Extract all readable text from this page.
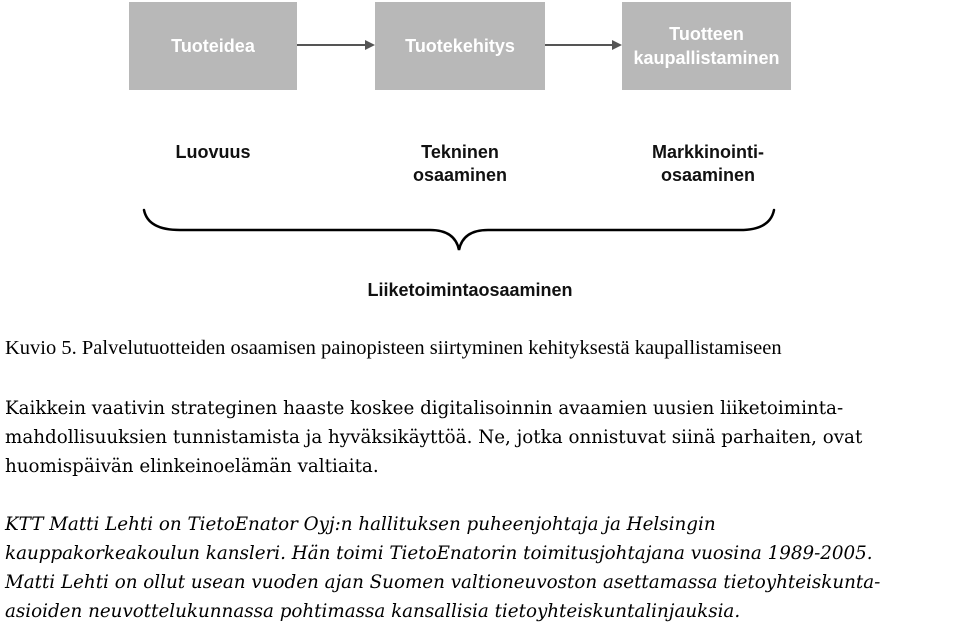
Tuoteidea	Tuotekehitys
Tuotteen
kaupallistaminen
Luovuus	Tekninen
osaaminen
Markkinointi-
osaaminen
Liiketoimintaosaaminen

Kuvio 5. Palvelutuotteiden osaamisen painopisteen siirtyminen kehityksestä kaupallistamiseen

Kaikkein vaativin strateginen haaste koskee digitalisoinnin avaamien uusien liiketoiminta-
mahdollisuuksien tunnistamista ja hyväksikäyttöä. Ne, jotka onnistuvat siinä parhaiten, ovat
huomispäivän elinkeinoelämän valtiaita.

KTT Matti Lehti on TietoEnator Oyj:n hallituksen puheenjohtaja ja Helsingin
kauppakorkeakoulun kansleri. Hän toimi TietoEnatorin toimitusjohtajana vuosina 1989-2005.
Matti Lehti on ollut usean vuoden ajan Suomen valtioneuvoston asettamassa tietoyhteiskunta-
asioiden neuvottelukunnassa pohtimassa kansallisia tietoyhteiskuntalinjauksia.
